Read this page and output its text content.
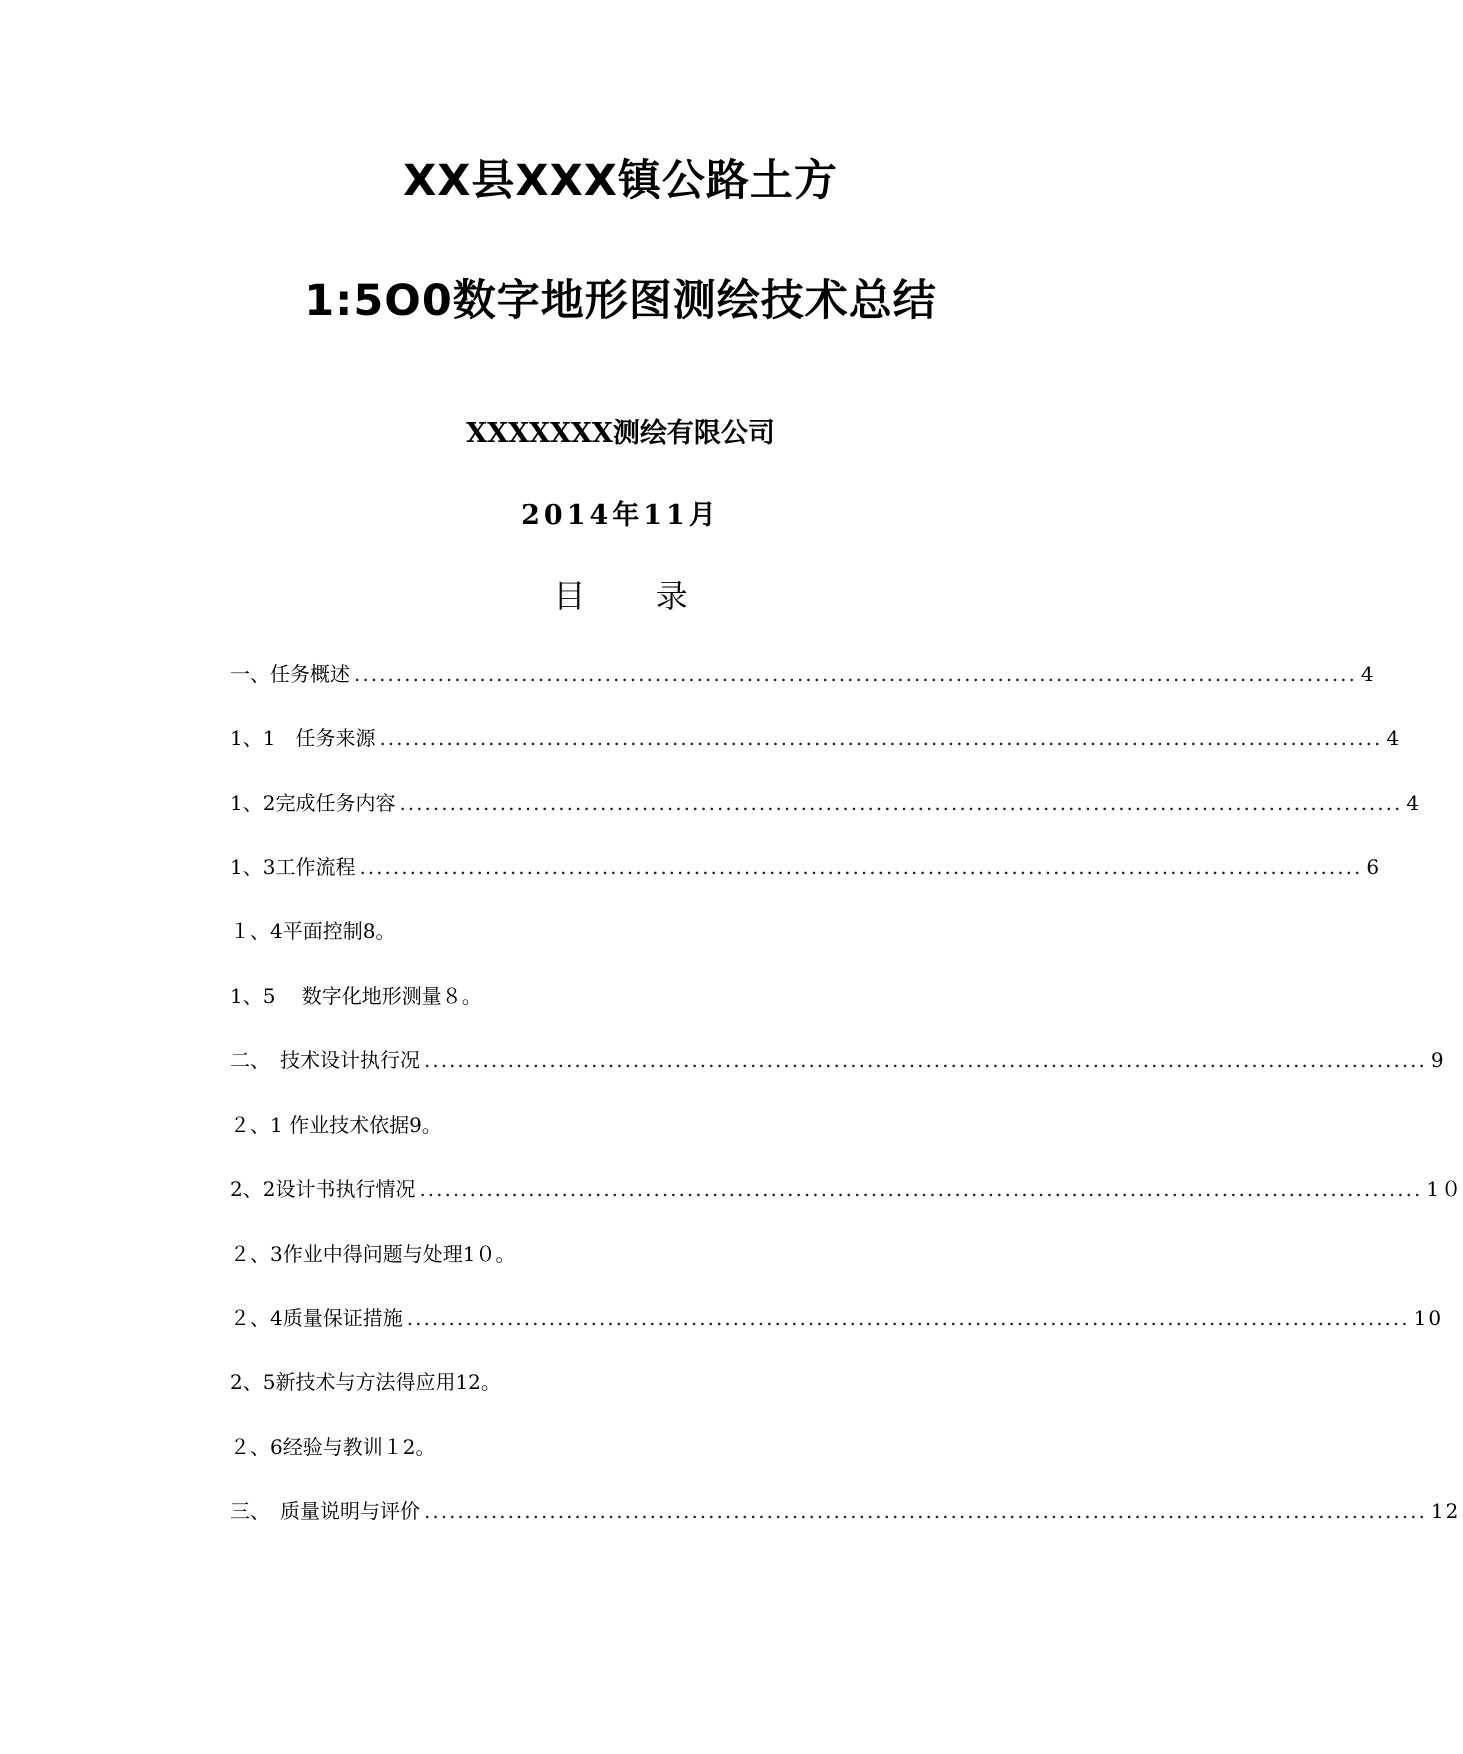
XX县XXX镇公路土方
1:5O0数字地形图测绘技术总结
XXXXXXX测绘有限公司
2014年11月
目 录
一、任务概述 ........................................................................................................................ 4
1、1　任务来源 ........................................................................................................................ 4
1、2完成任务内容 ........................................................................................................................ 4
1、3工作流程 ........................................................................................................................ 6
１、4平面控制8。
1、5　 数字化地形测量８。
二、　技术设计执行况 ........................................................................................................................ 9
２、1 作业技术依据9。
2、2设计书执行情况 ........................................................................................................................ 1０
２、3作业中得问题与处理1０。
２、4质量保证措施 ........................................................................................................................ 10
2、5新技术与方法得应用12。
２、6经验与教训１2。
三、　质量说明与评价 ........................................................................................................................ 12
